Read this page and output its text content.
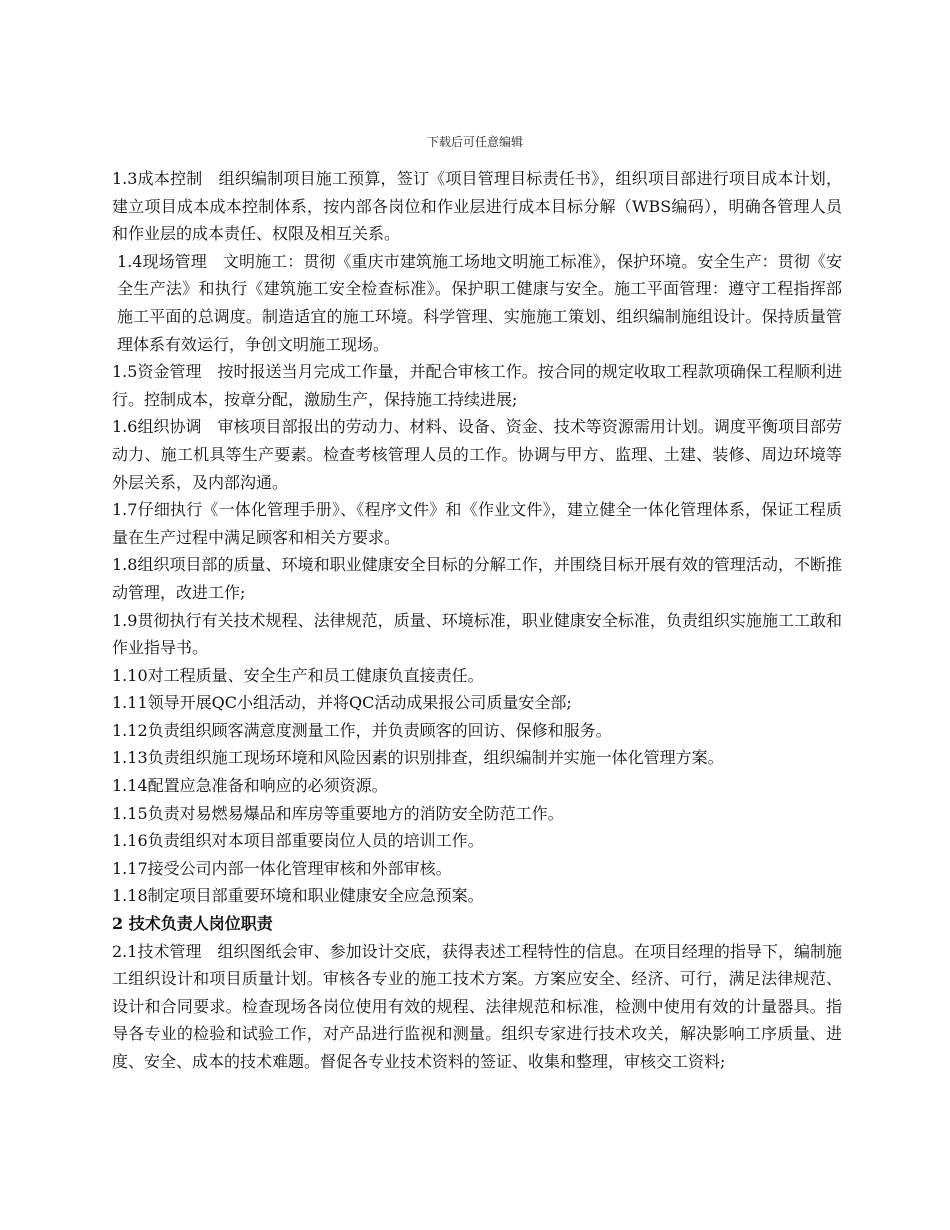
下载后可任意编辑

1.3成本控制　组织编制项目施工预算，签订《项目管理目标责任书》，组织项目部进行项目成本计划，建立项目成本成本控制体系，按内部各岗位和作业层进行成本目标分解（WBS编码），明确各管理人员和作业层的成本责任、权限及相互关系。

1.4现场管理　文明施工：贯彻《重庆市建筑施工场地文明施工标准》，保护环境。安全生产：贯彻《安全生产法》和执行《建筑施工安全检查标准》。保护职工健康与安全。施工平面管理：遵守工程指挥部施工平面的总调度。制造适宜的施工环境。科学管理、实施施工策划、组织编制施组设计。保持质量管理体系有效运行，争创文明施工现场。

1.5资金管理　按时报送当月完成工作量，并配合审核工作。按合同的规定收取工程款项确保工程顺利进行。控制成本，按章分配，激励生产，保持施工持续进展;

1.6组织协调　审核项目部报出的劳动力、材料、设备、资金、技术等资源需用计划。调度平衡项目部劳动力、施工机具等生产要素。检查考核管理人员的工作。协调与甲方、监理、土建、装修、周边环境等外层关系，及内部沟通。

1.7仔细执行《一体化管理手册》、《程序文件》和《作业文件》，建立健全一体化管理体系，保证工程质量在生产过程中满足顾客和相关方要求。

1.8组织项目部的质量、环境和职业健康安全目标的分解工作，并围绕目标开展有效的管理活动，不断推动管理，改进工作;

1.9贯彻执行有关技术规程、法律规范，质量、环境标准，职业健康安全标准，负责组织实施施工工敢和作业指导书。

1.10对工程质量、安全生产和员工健康负直接责任。

1.11领导开展QC小组活动，并将QC活动成果报公司质量安全部;

1.12负责组织顾客满意度测量工作，并负责顾客的回访、保修和服务。

1.13负责组织施工现场环境和风险因素的识别排查，组织编制并实施一体化管理方案。

1.14配置应急准备和响应的必须资源。

1.15负责对易燃易爆品和库房等重要地方的消防安全防范工作。

1.16负责组织对本项目部重要岗位人员的培训工作。

1.17接受公司内部一体化管理审核和外部审核。

1.18制定项目部重要环境和职业健康安全应急预案。

2 技术负责人岗位职责

2.1技术管理　组织图纸会审、参加设计交底，获得表述工程特性的信息。在项目经理的指导下，编制施工组织设计和项目质量计划。审核各专业的施工技术方案。方案应安全、经济、可行，满足法律规范、设计和合同要求。检查现场各岗位使用有效的规程、法律规范和标准，检测中使用有效的计量器具。指导各专业的检验和试验工作，对产品进行监视和测量。组织专家进行技术攻关，解决影响工序质量、进度、安全、成本的技术难题。督促各专业技术资料的签证、收集和整理，审核交工资料;
